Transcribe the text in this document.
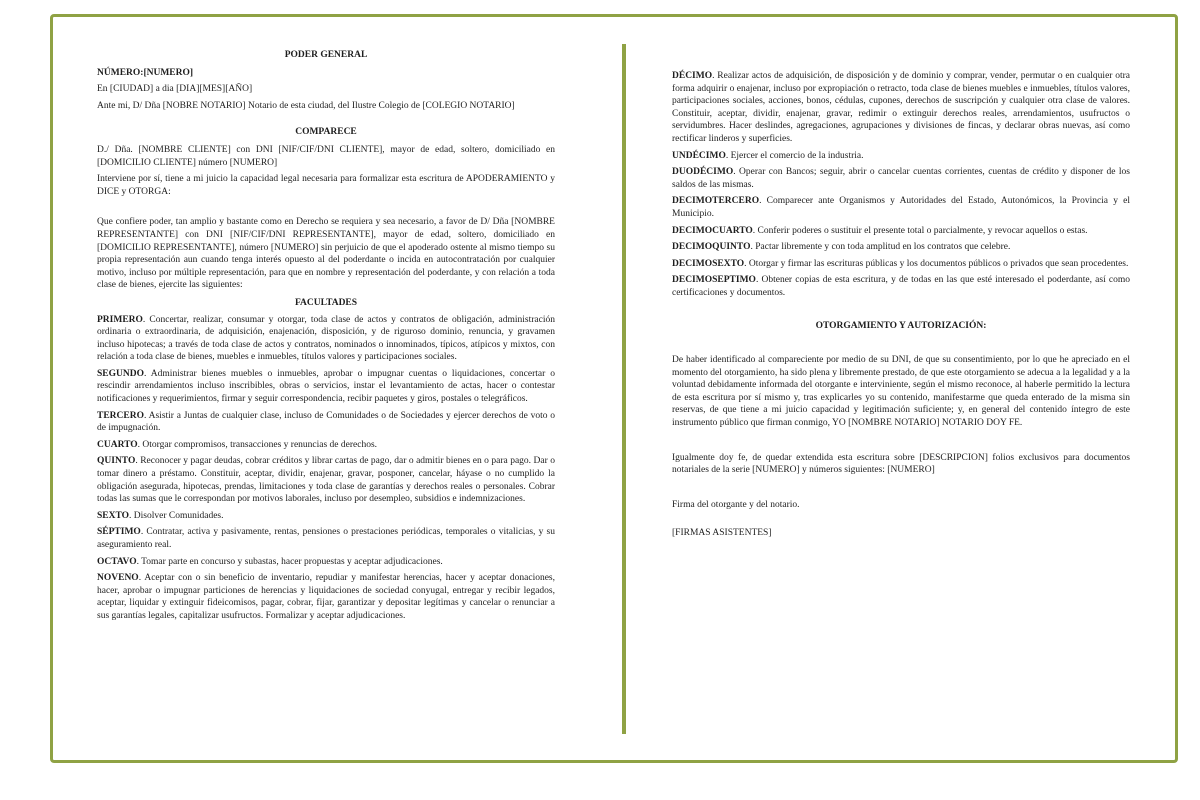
PODER GENERAL

NÚMERO:[NUMERO]

En [CIUDAD] a dia [DIA][MES][AÑO]

Ante mi, D/ Dña [NOBRE NOTARIO] Notario de esta ciudad, del Ilustre Colegio de [COLEGIO NOTARIO]

COMPARECE

D./ Dña. [NOMBRE CLIENTE] con DNI [NIF/CIF/DNI CLIENTE], mayor de edad, soltero, domiciliado en [DOMICILIO CLIENTE] número [NUMERO]

Interviene por sí, tiene a mi juicio la capacidad legal necesaria para formalizar esta escritura de APODERAMIENTO y DICE y OTORGA:

Que confiere poder, tan amplio y bastante como en Derecho se requiera y sea necesario, a favor de D/ Dña [NOMBRE REPRESENTANTE] con DNI [NIF/CIF/DNI REPRESENTANTE], mayor de edad, soltero, domiciliado en [DOMICILIO REPRESENTANTE], número [NUMERO] sin perjuicio de que el apoderado ostente al mismo tiempo su propia representación aun cuando tenga interés opuesto al del poderdante o incida en autocontratación por cualquier motivo, incluso por múltiple representación, para que en nombre y representación del poderdante, y con relación a toda clase de bienes, ejercite las siguientes:

FACULTADES

PRIMERO. Concertar, realizar, consumar y otorgar, toda clase de actos y contratos de obligación, administración ordinaria o extraordinaria, de adquisición, enajenación, disposición, y de riguroso dominio, renuncia, y gravamen incluso hipotecas; a través de toda clase de actos y contratos, nominados o innominados, típicos, atípicos y mixtos, con relación a toda clase de bienes, muebles e inmuebles, títulos valores y participaciones sociales.

SEGUNDO. Administrar bienes muebles o inmuebles, aprobar o impugnar cuentas o liquidaciones, concertar o rescindir arrendamientos incluso inscribibles, obras o servicios, instar el levantamiento de actas, hacer o contestar notificaciones y requerimientos, firmar y seguir correspondencia, recibir paquetes y giros, postales o telegráficos.

TERCERO. Asistir a Juntas de cualquier clase, incluso de Comunidades o de Sociedades y ejercer derechos de voto o de impugnación.

CUARTO. Otorgar compromisos, transacciones y renuncias de derechos.

QUINTO. Reconocer y pagar deudas, cobrar créditos y librar cartas de pago, dar o admitir bienes en o para pago. Dar o tomar dinero a préstamo. Constituir, aceptar, dividir, enajenar, gravar, posponer, cancelar, háyase o no cumplido la obligación asegurada, hipotecas, prendas, limitaciones y toda clase de garantías y derechos reales o personales. Cobrar todas las sumas que le correspondan por motivos laborales, incluso por desempleo, subsidios e indemnizaciones.

SEXTO. Disolver Comunidades.

SÉPTIMO. Contratar, activa y pasivamente, rentas, pensiones o prestaciones periódicas, temporales o vitalicias, y su aseguramiento real.

OCTAVO. Tomar parte en concurso y subastas, hacer propuestas y aceptar adjudicaciones.

NOVENO. Aceptar con o sin beneficio de inventario, repudiar y manifestar herencias, hacer y aceptar donaciones, hacer, aprobar o impugnar particiones de herencias y liquidaciones de sociedad conyugal, entregar y recibir legados, aceptar, liquidar y extinguir fideicomisos, pagar, cobrar, fijar, garantizar y depositar legítimas y cancelar o renunciar a sus garantías legales, capitalizar usufructos. Formalizar y aceptar adjudicaciones.

DÉCIMO. Realizar actos de adquisición, de disposición y de dominio y comprar, vender, permutar o en cualquier otra forma adquirir o enajenar, incluso por expropiación o retracto, toda clase de bienes muebles e inmuebles, títulos valores, participaciones sociales, acciones, bonos, cédulas, cupones, derechos de suscripción y cualquier otra clase de valores. Constituir, aceptar, dividir, enajenar, gravar, redimir o extinguir derechos reales, arrendamientos, usufructos o servidumbres. Hacer deslindes, agregaciones, agrupaciones y divisiones de fincas, y declarar obras nuevas, así como rectificar linderos y superficies.

UNDÉCIMO. Ejercer el comercio de la industria.

DUODÉCIMO. Operar con Bancos; seguir, abrir o cancelar cuentas corrientes, cuentas de crédito y disponer de los saldos de las mismas.

DECIMOTERCERO. Comparecer ante Organismos y Autoridades del Estado, Autonómicos, la Provincia y el Municipio.

DECIMOCUARTO. Conferir poderes o sustituir el presente total o parcialmente, y revocar aquellos o estas.

DECIMOQUINTO. Pactar libremente y con toda amplitud en los contratos que celebre.

DECIMOSEXTO. Otorgar y firmar las escrituras públicas y los documentos públicos o privados que sean procedentes.

DECIMOSEPTIMO. Obtener copias de esta escritura, y de todas en las que esté interesado el poderdante, así como certificaciones y documentos.

OTORGAMIENTO Y AUTORIZACIÓN:

De haber identificado al compareciente por medio de su DNI, de que su consentimiento, por lo que he apreciado en el momento del otorgamiento, ha sido plena y libremente prestado, de que este otorgamiento se adecua a la legalidad y a la voluntad debidamente informada del otorgante e interviniente, según el mismo reconoce, al haberle permitido la lectura de esta escritura por sí mismo y, tras explicarles yo su contenido, manifestarme que queda enterado de la misma sin reservas, de que tiene a mi juicio capacidad y legitimación suficiente; y, en general del contenido íntegro de este instrumento público que firman conmigo, YO [NOMBRE NOTARIO] NOTARIO DOY FE.

Igualmente doy fe, de quedar extendida esta escritura sobre [DESCRIPCION] folios exclusivos para documentos notariales de la serie [NUMERO] y números siguientes: [NUMERO]

Firma del otorgante y del notario.

[FIRMAS ASISTENTES]
